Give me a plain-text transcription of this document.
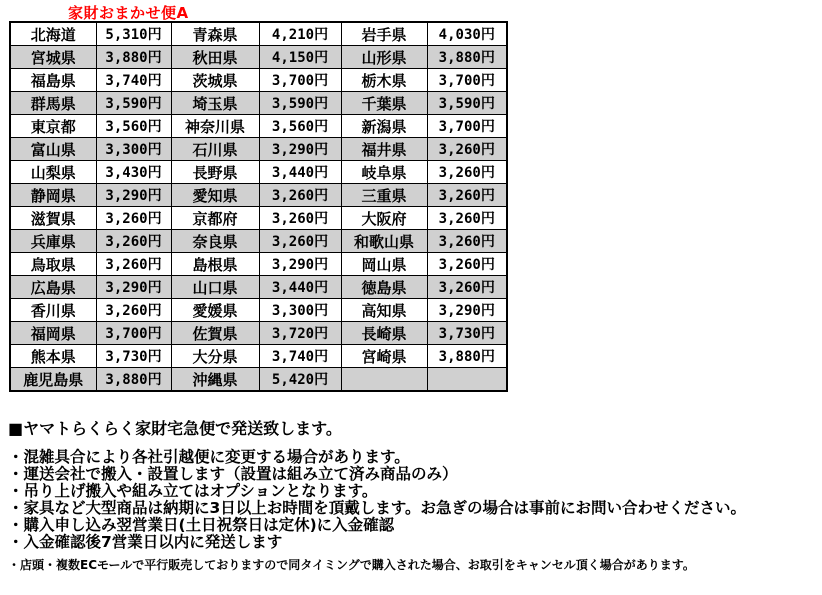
家財おまかせ便A
北海道	5,310円	青森県	4,210円	岩手県	4,030円
宮城県	3,880円	秋田県	4,150円	山形県	3,880円
福島県	3,740円	茨城県	3,700円	栃木県	3,700円
群馬県	3,590円	埼玉県	3,590円	千葉県	3,590円
東京都	3,560円	神奈川県	3,560円	新潟県	3,700円
富山県	3,300円	石川県	3,290円	福井県	3,260円
山梨県	3,430円	長野県	3,440円	岐阜県	3,260円
静岡県	3,290円	愛知県	3,260円	三重県	3,260円
滋賀県	3,260円	京都府	3,260円	大阪府	3,260円
兵庫県	3,260円	奈良県	3,260円	和歌山県	3,260円
鳥取県	3,260円	島根県	3,290円	岡山県	3,260円
広島県	3,290円	山口県	3,440円	徳島県	3,260円
香川県	3,260円	愛媛県	3,300円	高知県	3,290円
福岡県	3,700円	佐賀県	3,720円	長崎県	3,730円
熊本県	3,730円	大分県	3,740円	宮崎県	3,880円
鹿児島県	3,880円	沖縄県	5,420円		
■ヤマトらくらく家財宅急便で発送致します。
・混雑具合により各社引越便に変更する場合があります。
・運送会社で搬入・設置します（設置は組み立て済み商品のみ）
・吊り上げ搬入や組み立てはオプションとなります。
・家具など大型商品は納期に3日以上お時間を頂戴します。お急ぎの場合は事前にお問い合わせください。
・購入申し込み翌営業日(土日祝祭日は定休)に入金確認
・入金確認後7営業日以内に発送します
・店頭・複数ECモールで平行販売しておりますので同タイミングで購入された場合、お取引をキャンセル頂く場合があります。
